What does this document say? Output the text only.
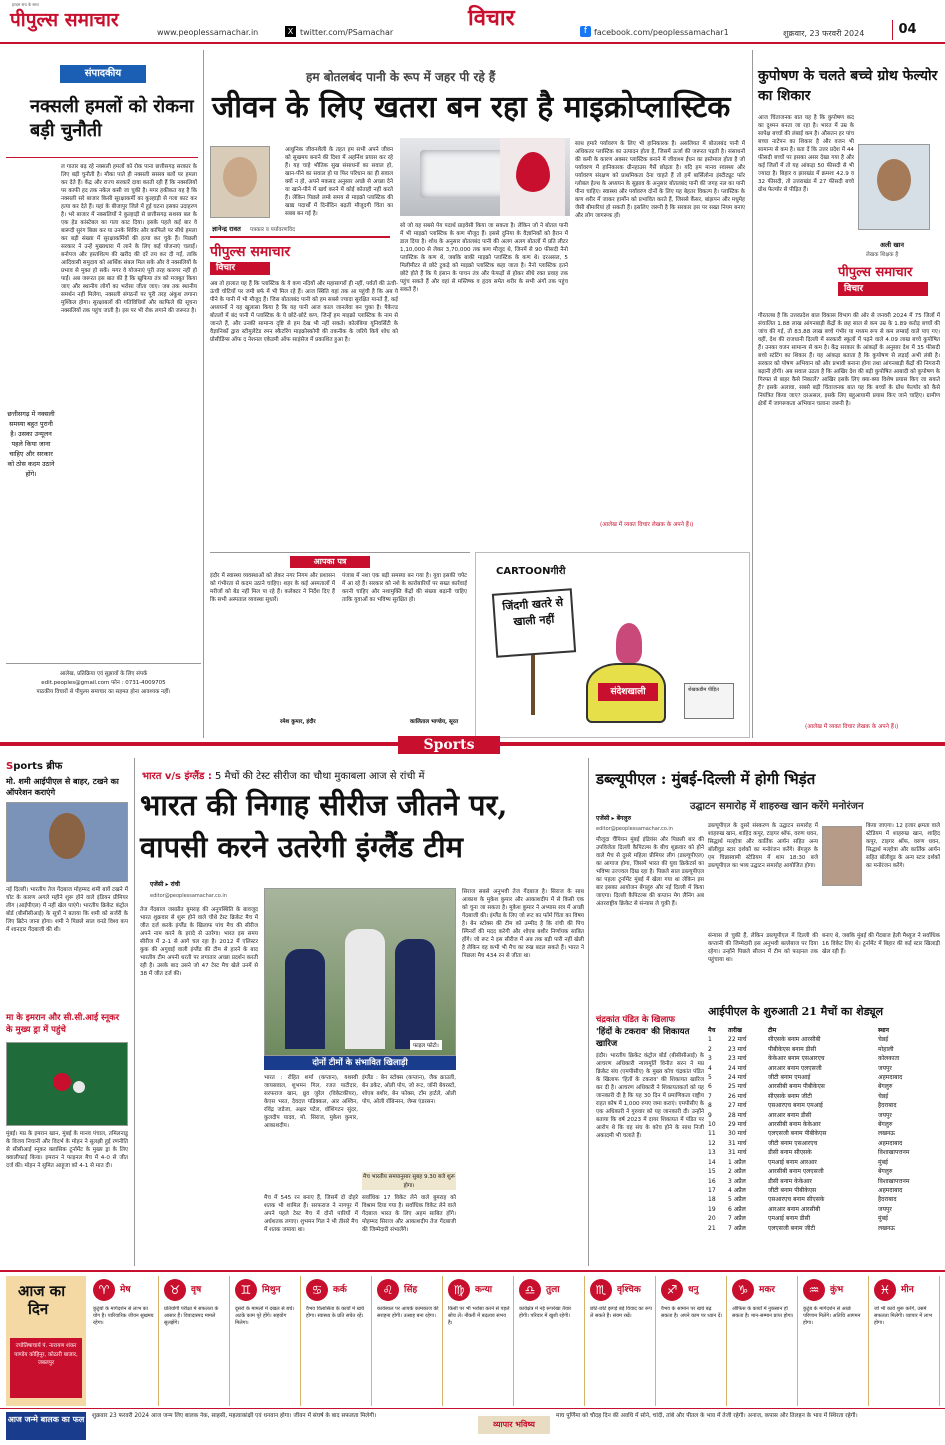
पीपुल्स समाचार
हरदम सच के साथ
www.peoplessamachar.in	X twitter.com/PSamachar
विचार	f facebook.com/peoplessamachar1	शुक्रवार, 23 फरवरी 2024	04
संपादकीय
नक्सली हमलों को रोकना बड़ी चुनौती
छत्तीसगढ़ में नक्सली समस्या बहुत पुरानी है। उसका उन्मूलन पहले किया जाना चाहिए और सरकार को ठोस कदम उठाने होंगे।
ल गातार बढ़ रहे नक्सली हमलों को रोक पाना छत्तीसगढ़ सरकार के लिए बड़ी चुनौती है। मौका पाते ही नक्सली ससस्त्र बलों पर हमला कर देते हैं। केंद्र और राज्य सरकारें दावा करती रही हैं कि नक्सलियों पर काफी हद तक नकेल कसी जा चुकी है। मगर हकीकत यह है कि नक्सली सरे बाजार किसी सुरक्षाकर्मी का कुल्हाड़ी से गला काट कर हत्या कर देते हैं। यहां के बीजापुर जिले में हुई घटना इसका उदाहरण है। भरे बाजार में नक्सलियों ने कुल्हाड़ी से छत्तीसगढ़ सशस्त्र बल के एक हेड कांस्टेबल का गला काट दिया। इसके पहले कई बार वे बारूदी सुरंग बिछा कर या उनके शिविर और काफिले पर सीधे हमला कर बड़ी संख्या में सुरक्षाकर्मियों की हत्या कर चुके हैं। पिछली सरकार ने उन्हें मुख्यधारा में लाने के लिए कई योजनाएं चलाईं। बनोपज और हस्तशिल्प की खरीद की दरें तय कर दी गईं, ताकि आदिवासी समुदाय को आर्थिक संबल मिल सके और वे नक्सलियों के प्रभाव से मुक्त हो सकें। मगर वे योजनाएं पूरी तरह कारगर नहीं हो पाईं। अब जरूरत इस बात की है कि खुफिया तंत्र को मजबूत किया जाए और स्थानीय लोगों का भरोसा जीता जाए। जब तक स्थानीय समर्थन नहीं मिलेगा, नक्सली संगठनों पर पूरी तरह अंकुश लगाना मुश्किल होगा। सुरक्षाबलों की गतिविधियों और काफिले की सूचना नक्सलियों तक पहुंच जाती है। इस पर भी रोक लगाने की जरूरत है।
आलेख, प्रतिक्रिया एवं सुझावों के लिए संपर्क
edit.peoples@gmail.com फोन : 0731-4009705
पाठकीय विचारों से पीपुल्स समाचार का सहमत होना आवश्यक नहीं।
हम बोतलबंद पानी के रूप में जहर पी रहे हैं
जीवन के लिए खतरा बन रहा है माइक्रोप्लास्टिक
ज्ञानेन्द्र रावत पत्रकार व पर्यावरणविद
आधुनिक जीवनशैली के तहत हम सभी अपने जीवन को सुखमय बनाने की दिशा में अहर्निश प्रयास कर रहे हैं। यह चाहे भौतिक सुख संसाधनों का सवाल हो, खान-पीने का सवाल हो या फिर परिधान का ही सवाल क्यों न हो, अपने मकसद अनुसार अच्छे से अच्छा देने या खाने-पीने में खर्च करने में कोई कोताही नहीं करते हैं। लेकिन पिछले लम्बे समय से माइक्रो प्लास्टिक की खाद्य पदार्थों में दिनोंदिन बढ़ती मौजूदगी चिंता का सबब बन गई है।
पीपुल्स समाचार
विचार
अब तो हालात यह हैं कि प्लास्टिक के ये कण नदियों और महासागरों ही नहीं, पर्वतों की ऊंची-ऊंची चोटियों पर जमी बर्फ में भी मिल रहे हैं। आज स्थिति यहां तक आ पहुंची है कि अब ये पीने के पानी में भी मौजूद हैं। जिस बोतलबंद पानी को हम सबसे ज्यादा सुरक्षित मानते हैं, कई अध्ययनों ने यह खुलासा किया है कि यह पानी आज काल जानलेवा बन चुका है। पैकेज्ड बोतलों में बंद पानी में प्लास्टिक के ये छोटे-छोटे कण, जिन्हें हम माइक्रो प्लास्टिक के नाम से जानते हैं, और उनकी सामान्य दृष्टि से हम देख भी नहीं सकते। कोलंबिया यूनिवर्सिटी के वैज्ञानिकों द्वारा स्टीमुलेटेड रमन स्कैटरिंग माइक्रोस्कोपी की तकनीक के जरिये किये शोध को प्रोसीडिंग्स ऑफ द नेशनल एकेडमी ऑफ साइंसेज में प्रकाशित हुआ है।
सो जो यह सबसे पेय पदार्थ प्राइवेसी किया जा सकता है। लेकिन जो ने बोतल पानी में भी माइक्रो प्लास्टिक के कण मौजूद हैं। इससे दुनिया के वैज्ञानिकों को हैरान में डाल दिया है। शोध के अनुसार बोतलबंद पानी की अलग अलग बोतलों में प्रति लीटर 1,10,000 से लेकर 3,70,000 तक कण मौजूद थे, जिनमें से 90 फीसदी नैनो प्लास्टिक के कण थे, जबकि बाकी माइक्रो प्लास्टिक के कण थे। दरअसल, 5 मिलीमीटर से छोटे टुकड़े को माइक्रो प्लास्टिक कहा जाता है। नैनो प्लास्टिक इतने छोटे होते हैं कि ये इंसान के पाचन तंत्र और फेफड़ों से होकर सीधे रक्त प्रवाह तक पहुंच सकते हैं और वहां से मस्तिष्क व हृदय समेत शरीर के सभी अंगों तक पहुंच सकते हैं।
साथ हमारे पर्यावरण के लिए भी हानिकारक है। असलियत में बोतलबंद पानी में अधिकतर प्लास्टिक का उत्पादन होता है, जिसमें ऊर्जा की जरूरत पड़ती है। संसाधनों की कमी के कारण अक्सर प्लास्टिक बनाने में जीवाश्म ईंधन का इस्तेमाल होता है जो पर्यावरण में हानिकारक ग्रीनहाउस गैसें छोड़ता है। यदि हम मानव स्वास्थ्य और पर्यावरण संरक्षण को प्राथमिकता देना चाहते हैं तो हमें बार्सिलोना इंस्टीट्यूट फॉर ग्लोबल हेल्थ के अध्ययन के सुझाव के अनुसार बोतलबंद पानी की जगह नल का पानी पीना चाहिए। स्वास्थ्य और पर्यावरण दोनों के लिए यह बेहतर विकल्प है। प्लास्टिक के कण शरीर में जाकर हार्मोन को प्रभावित करते हैं, जिससे कैंसर, बांझपन और मधुमेह जैसी बीमारियां हो सकती हैं। इसलिए जरूरी है कि सरकार इस पर सख्त नियम बनाए और लोग जागरूक हों।
(आलेख में व्यक्त विचार लेखक के अपने हैं।)
आपका पत्र
इंदौर में स्वास्थ्य व्यवस्थाओं को लेकर नगर निगम और प्रशासन को गंभीरता से कदम उठाने चाहिए। शहर के कई अस्पतालों में मरीजों को बेड नहीं मिल पा रहे हैं। कलेक्टर ने निर्देश दिए हैं कि सभी अस्पताल व्यवस्था सुधारें।
रमेश कुमार, इंदौर
पंजाब में नशा एक बड़ी समस्या बन गया है। युवा इसकी चपेट में आ रहे हैं। सरकार को नशे के कारोबारियों पर सख्त कार्रवाई करनी चाहिए और नशामुक्ति केंद्रों की संख्या बढ़ानी चाहिए ताकि युवाओं का भविष्य सुरक्षित हो।
कालिताल भाण्डेय, सूरत
CARTOONगीरी
जिंदगी खतरे से खाली नहीं
संदेशखाली	शेखकडीम पीड़ित
कुपोषण के चलते बच्चे ग्रोथ फेल्योर का शिकार
आज चिंताजनक बात यह है कि कुपोषण कद का दुश्मन बनता जा रहा है। भारत में उम्र के सापेक्ष बच्चों की लंबाई कम है। औसतन हर पांच बच्चा नाटेपन का शिकार है और वजन भी सामान्य से कम है। बता दें कि उत्तर प्रदेश में 44 फीसदी बच्चों पर इसका असर देखा गया है और कई जिलों में तो यह आंकड़ा 50 फीसदी से भी ज्यादा है। बिहार व झारखंड में क्रमशः 42.9 व 32 फीसदी, तो उत्तराखंड में 27 फीसदी बच्चे ग्रोथ फेल्योर से पीड़ित हैं।
अली खान
लेखक शिक्षक है
पीपुल्स समाचार
विचार
गौरतलब है कि उत्तरप्रदेश बाल विकास विभाग की ओर से जनवरी 2024 में 75 जिलों में संचालित 1.88 लाख आंगनबाड़ी केंद्रों के छह साल से कम उम्र के 1.89 करोड़ बच्चों की जांच की गई, तो 83.88 लाख बच्चे गंभीर या मध्यम रूप से कम लम्बाई वाले पाए गए। वहीं, देश की राजधानी दिल्ली में सरकारी स्कूलों में पढ़ने वाले 4.09 लाख बच्चे कुपोषित हैं। उनका वजन सामान्य से कम है। केंद्र सरकार के आंकड़ों के अनुसार देश में 35 फीसदी बच्चे स्टंटिंग का शिकार हैं। यह आंकड़ा बताता है कि कुपोषण से लड़ाई अभी लंबी है। सरकार को पोषण अभियान को और प्रभावी बनाना होगा तथा आंगनबाड़ी केंद्रों की निगरानी बढ़ानी होगी। अब सवाल उठता है कि आखिर देश की बड़ी कुपोषित आबादी को कुपोषण के गिरफ्त से बाहर कैसे निकालें? आखिर इसके लिए क्या-क्या विशेष प्रयास किए जा सकते हैं? इसके अलावा, सबसे बड़ी चिंताजनक बात यह कि बच्चों के ग्रोथ फेल्योर को कैसे नियंत्रित किया जाए? दरअसल, इसके लिए बहुआयामी प्रयास किए जाने चाहिए। ग्रामीण क्षेत्रों में जागरूकता अभियान चलाना जरूरी है।
(आलेख में व्यक्त विचार लेखक के अपने हैं।)
Sports
Sports ब्रीफ
मो. शमी आईपीएल से बाहर, टखने का ऑपरेशन कराएंगे
नई दिल्ली। भारतीय तेज गेंदबाज मोहम्मद शमी बायें टखने में चोट के कारण अगले महीने शुरू होने वाले इंडियन प्रीमियर लीग (आईपीएल) में नहीं खेल पाएंगे। भारतीय क्रिकेट कंट्रोल बोर्ड (बीसीसीआई) के सूत्रों ने बताया कि शमी को सर्जरी के लिए ब्रिटेन जाना होगा। शमी ने पिछले साल वनडे विश्व कप में शानदार गेंदबाजी की थी।
मा के इमरान और सी.सी.आई स्नूकर के मुख्य ड्रा में पहुंचे
मुंबई। मप्र के इमरान खान, मुंबई के मानव पंचाल, तमिलनाडु के विजय निचानी और विदर्भ के मोहन ने सुलझी हुई रणनीति से सीसीआई स्नूकर क्लासिक टूर्नामेंट के मुख्य ड्रा के लिए क्वालीफाई किया। इमरान ने फाइनल मैच में 4-0 से जीत दर्ज की। मोहन ने सुमित आहूजा को 4-1 से मात दी।
भारत v/s इंग्लैंड : 5 मैचों की टेस्ट सीरीज का चौथा मुकाबला आज से रांची में
भारत की निगाह सीरीज जीतने पर,
वापसी करने उतरेगी इंग्लैंड टीम
एजेंसी ▸ रांची
editor@peoplessamachar.co.in
तेज गेंदबाज जसप्रीत बुमराह की अनुपस्थिति के बावजूद भारत शुक्रवार से शुरू होने वाले चौथे टेस्ट क्रिकेट मैच में जीत दर्ज करके इंग्लैंड के खिलाफ पांच मैच की सीरीज अपने नाम करने के इरादे से उतरेगा। भारत इस समय सीरीज में 2-1 से आगे चल रहा है। 2012 में एलिस्टर कुक की अगुवाई वाली इंग्लैंड की टीम से हारने के बाद भारतीय टीम अपनी धरती पर लगातार अच्छा प्रदर्शन करती रही है। उसके बाद उसने जो 47 टेस्ट मैच खेले उनमें से 38 में जीत दर्ज की।
फाइल फोटो।
दोनों टीमों के संभावित खिलाड़ी
भारत : रोहित शर्मा (कप्तान), यशस्वी जायसवाल, शुभमन गिल, रजत पाटीदार, सरफराज खान, ध्रुव जुरेल (विकेटकीपर), केएस भरत, देवदत्त पडिक्कल, आर अश्विन, रविंद्र जडेजा, अक्षर पटेल, वॉशिंगटन सुंदर, कुलदीप यादव, मो. सिराज, मुकेश कुमार, आकाशदीप।
इंग्लैंड : बेन स्टोक्स (कप्तान), जैक क्राउली, बेन डकेट, ओली पोप, जो रूट, जॉनी बेयरस्टो, शोएब बशीर, बेन फोक्स, टॉम हार्टले, ओली पोप, ओली रॉबिन्सन, जेम्स एंडरसन।
मैच भारतीय समयानुसार सुबह 9.30 बजे शुरू होगा।
मैच में 545 रन बनाए हैं, जिसमें दो दोहरे शतक भी शामिल हैं। सरफराज ने नागपुर में अपने पहले टेस्ट मैच में दोनों पारियों में अर्धशतक लगाए। शुभमन गिल ने भी तीसरे मैच में शतक जमाया था।
सर्वाधिक 17 विकेट लेने वाले बुमराह को विश्राम दिया गया है। सर्वाधिक विकेट लेने वाले गेंदबाज भारत के लिए अहम साबित होंगे। मोहम्मद सिराज और आकाशदीप तेज गेंदबाजी की जिम्मेदारी संभालेंगे।
सिराज सबसे अनुभवी तेज गेंदबाज है। सिराज के साथ आकाश के मुकेश कुमार और आकाशदीप में से किसी एक को चुना जा सकता है। मुकेश कुमार ने अभ्यास सत्र में अच्छी गेंदबाजी की। इंग्लैंड के लिए जो रूट का फॉर्म चिंता का विषय है। बेन स्टोक्स की टीम को उम्मीद है कि रांची की पिच स्पिनरों की मदद करेगी और शोएब बशीर निर्णायक साबित होंगे। जो रूट ने इस सीरीज में अब तक बड़ी पारी नहीं खेली है लेकिन वह कभी भी मैच का रुख बदल सकते हैं। भारत ने पिछला मैच 434 रन से जीता था।
डब्ल्यूपीएल : मुंबई-दिल्ली में होगी भिड़ंत
उद्घाटन समारोह में शाहरुख खान करेंगे मनोरंजन
एजेंसी ▸ बेंगलुरु
editor@peoplessamachar.co.in
मौजूदा चैंपियन मुंबई इंडियंस और पिछली बार की उपविजेता दिल्ली कैपिटल्स के बीच शुक्रवार को होने वाले मैच से दूसरे महिला प्रीमियर लीग (डब्ल्यूपीएल) का आगाज होगा, जिसमें भारत की युवा क्रिकेटर्स का भविष्य उज्ज्वल दिख रहा है। पिछले साल डब्ल्यूपीएल का पहला टूर्नामेंट मुंबई में खेला गया था लेकिन इस बार इसका आयोजन बेंगलुरु और नई दिल्ली में किया जाएगा। दिल्ली कैपिटल्स की कप्तान मेग लैनिंग अब अंतरराष्ट्रीय क्रिकेट से संन्यास ले चुकी हैं।
डब्ल्यूपीएल के दूसरे संस्करण के उद्घाटन समारोह में शाहरुख खान, शाहिद कपूर, टाइगर श्रॉफ, वरुण धवन, सिद्धार्थ मल्होत्रा और कार्तिक आर्यन सहित अन्य बॉलीवुड स्टार दर्शकों का मनोरंजन करेंगे। बेंगलुरु के एम चिन्नास्वामी स्टेडियम में शाम 18:30 बजे डब्ल्यूपीएल का भव्य उद्घाटन समारोह आयोजित होगा।
किया जाएगा। 12 इजार क्षमता वाले स्टेडियम में शाहरुख खान, शाहिद कपूर, टाइगर श्रॉफ, वरुण धवन, सिद्धार्थ मल्होत्रा और कार्तिक आर्यन सहित बॉलीवुड के अन्य स्टार दर्शकों का मनोरंजन करेंगे।
संन्यास ले चुकी हैं, लेकिन डब्ल्यूपीएल में दिल्ली की कप्तानी की जिम्मेदारी इस अनुभवी बल्लेबाज पर दिया रहेगा। उन्होंने पिछले सीजन में टीम को फाइनल तक पहुंचाया था।
बनाए थे, जबकि मुंबई की गेंदबाज हेली मैथ्यूज ने सर्वाधिक 16 विकेट लिए थे। टूर्नामेंट में बिहार की कई स्टार खिलाड़ी खेल रही हैं।
चंद्रकांत पंडित के खिलाफ
'हिंदों के टकराव' की शिकायत खारिज
इंदौर। भारतीय क्रिकेट कंट्रोल बोर्ड (बीसीसीआई) के आचरण अधिकारी न्यायमूर्ति विनीत सरन ने मप्र क्रिकेट संघ (एमपीसीए) के मुख्य कोच चंद्रकांत पंडित के खिलाफ 'हितों के टकराव' की शिकायत खारिज कर दी है। आचरण अधिकारी ने शिकायतकर्ता को यह जानकारी दी है कि यह 30 दिन में प्रमाणिकता राष्ट्रीय राहत कोष में 1,000 रुपए जमा कराएं। एमपीसीए के एक अधिकारी ने गुरुवार को यह जानकारी दी। उन्होंने बताया कि वर्ष 2023 में दायर शिकायत में पंडित पर आरोप थे कि वह संघ के कोच होने के साथ निजी अकादमी भी चलाते हैं।
आईपीएल के शुरुआती 21 मैचों का शेड्यूल
मैच	तारीख	टीम	स्थान
1	22 मार्च	सीएसके बनाम आरसीबी	चेन्नई
2	23 मार्च	पीबीकेएस बनाम डीसी	मोहाली
3	23 मार्च	केकेआर बनाम एसआरएच	कोलकाता
4	24 मार्च	आरआर बनाम एलएसजी	जयपुर
5	24 मार्च	जीटी बनाम एमआई	अहमदाबाद
6	25 मार्च	आरसीबी बनाम पीबीकेएस	बेंगलुरु
7	26 मार्च	सीएसके बनाम जीटी	चेन्नई
8	27 मार्च	एसआरएच बनाम एमआई	हैदराबाद
9	28 मार्च	आरआर बनाम डीसी	जयपुर
10	29 मार्च	आरसीबी बनाम केकेआर	बेंगलुरु
11	30 मार्च	एलएसजी बनाम पीबीकेएस	लखनऊ
12	31 मार्च	जीटी बनाम एसआरएच	अहमदाबाद
13	31 मार्च	डीसी बनाम सीएसके	विशाखापत्तनम
14	1 अप्रैल	एमआई बनाम आरआर	मुंबई
15	2 अप्रैल	आरसीबी बनाम एलएसजी	बेंगलुरु
16	3 अप्रैल	डीसी बनाम केकेआर	विशाखापत्तनम
17	4 अप्रैल	जीटी बनाम पीबीकेएस	अहमदाबाद
18	5 अप्रैल	एसआरएच बनाम सीएसके	हैदराबाद
19	6 अप्रैल	आरआर बनाम आरसीबी	जयपुर
20	7 अप्रैल	एमआई बनाम डीसी	मुंबई
21	7 अप्रैल	एलएसजी बनाम जीटी	लखनऊ
आज का
दिन
ज्योतिषाचार्य पं. नारायण शंकर पाण्डेय कोहिनूर, कोठारी बाजार, जबलपुर
♈	मेष
कुटुंबों के मार्गदर्शन से लाभ का योग है। पारिवारिक जीवन सुखमय रहेगा।
♉	वृष
प्रतियोगी परीक्षा में सफलता के आसार हैं। विवादास्पद मामले सुलझेंगे।
♊	मिथुन
दूसरों के मामलों में दखल से बचें। अटके काम पूरे होंगे। सहयोग मिलेगा।
♋	कर्क
वैभव विलासिता के कार्यों में खर्च होगा। स्वास्थ्य के प्रति सचेत रहें।
♌	सिंह
कार्यस्थल पर आपके कामकाज की सराहना होगी। उत्साह बना रहेगा।
♍	कन्या
किसी पर भी भरोसा करने से पहले सोच लें। नौकरी में बदलाव संभव है।
♎	तुला
कार्यक्षेत्र में नई रूपरेखा तैयार होगी। परिवार में खुशी रहेगी।
♏	वृश्चिक
छोटे-छोटे झगड़े बड़े विवाद का रूप ले सकते हैं। संयम रखें।
♐	धनु
वैभव के सामान पर खर्च बढ़ सकता है। अपने काम पर ध्यान दें।
♑	मकर
ऑफिस के कार्यों में नुकसान हो सकता है। मान-सम्मान प्राप्त होगा।
♒	कुंभ
कुटुंब के मार्गदर्शन से अच्छे परिणाम मिलेंगे। अतिथि आगमन होगा।
♓	मीन
जो भी कार्य शुरू करेंगे, उसमें सफलता मिलेगी। व्यापार में लाभ होगा।
आज जन्मे बालक का फल शुक्रवार 23 फरवरी 2024 आज जन्म लिए बालक नेक, साहसी, महत्वाकांक्षी एवं धनवान होगा। जीवन में संघर्ष के बाद सफलता मिलेगी।
व्यापार भविष्य
माघ पूर्णिमा को चौदह दिन की अवधि में सोने, चांदी, तांबे और पीतल के भाव में तेजी रहेगी। अनाज, कपास और तिलहन के भाव में स्थिरता रहेगी।
